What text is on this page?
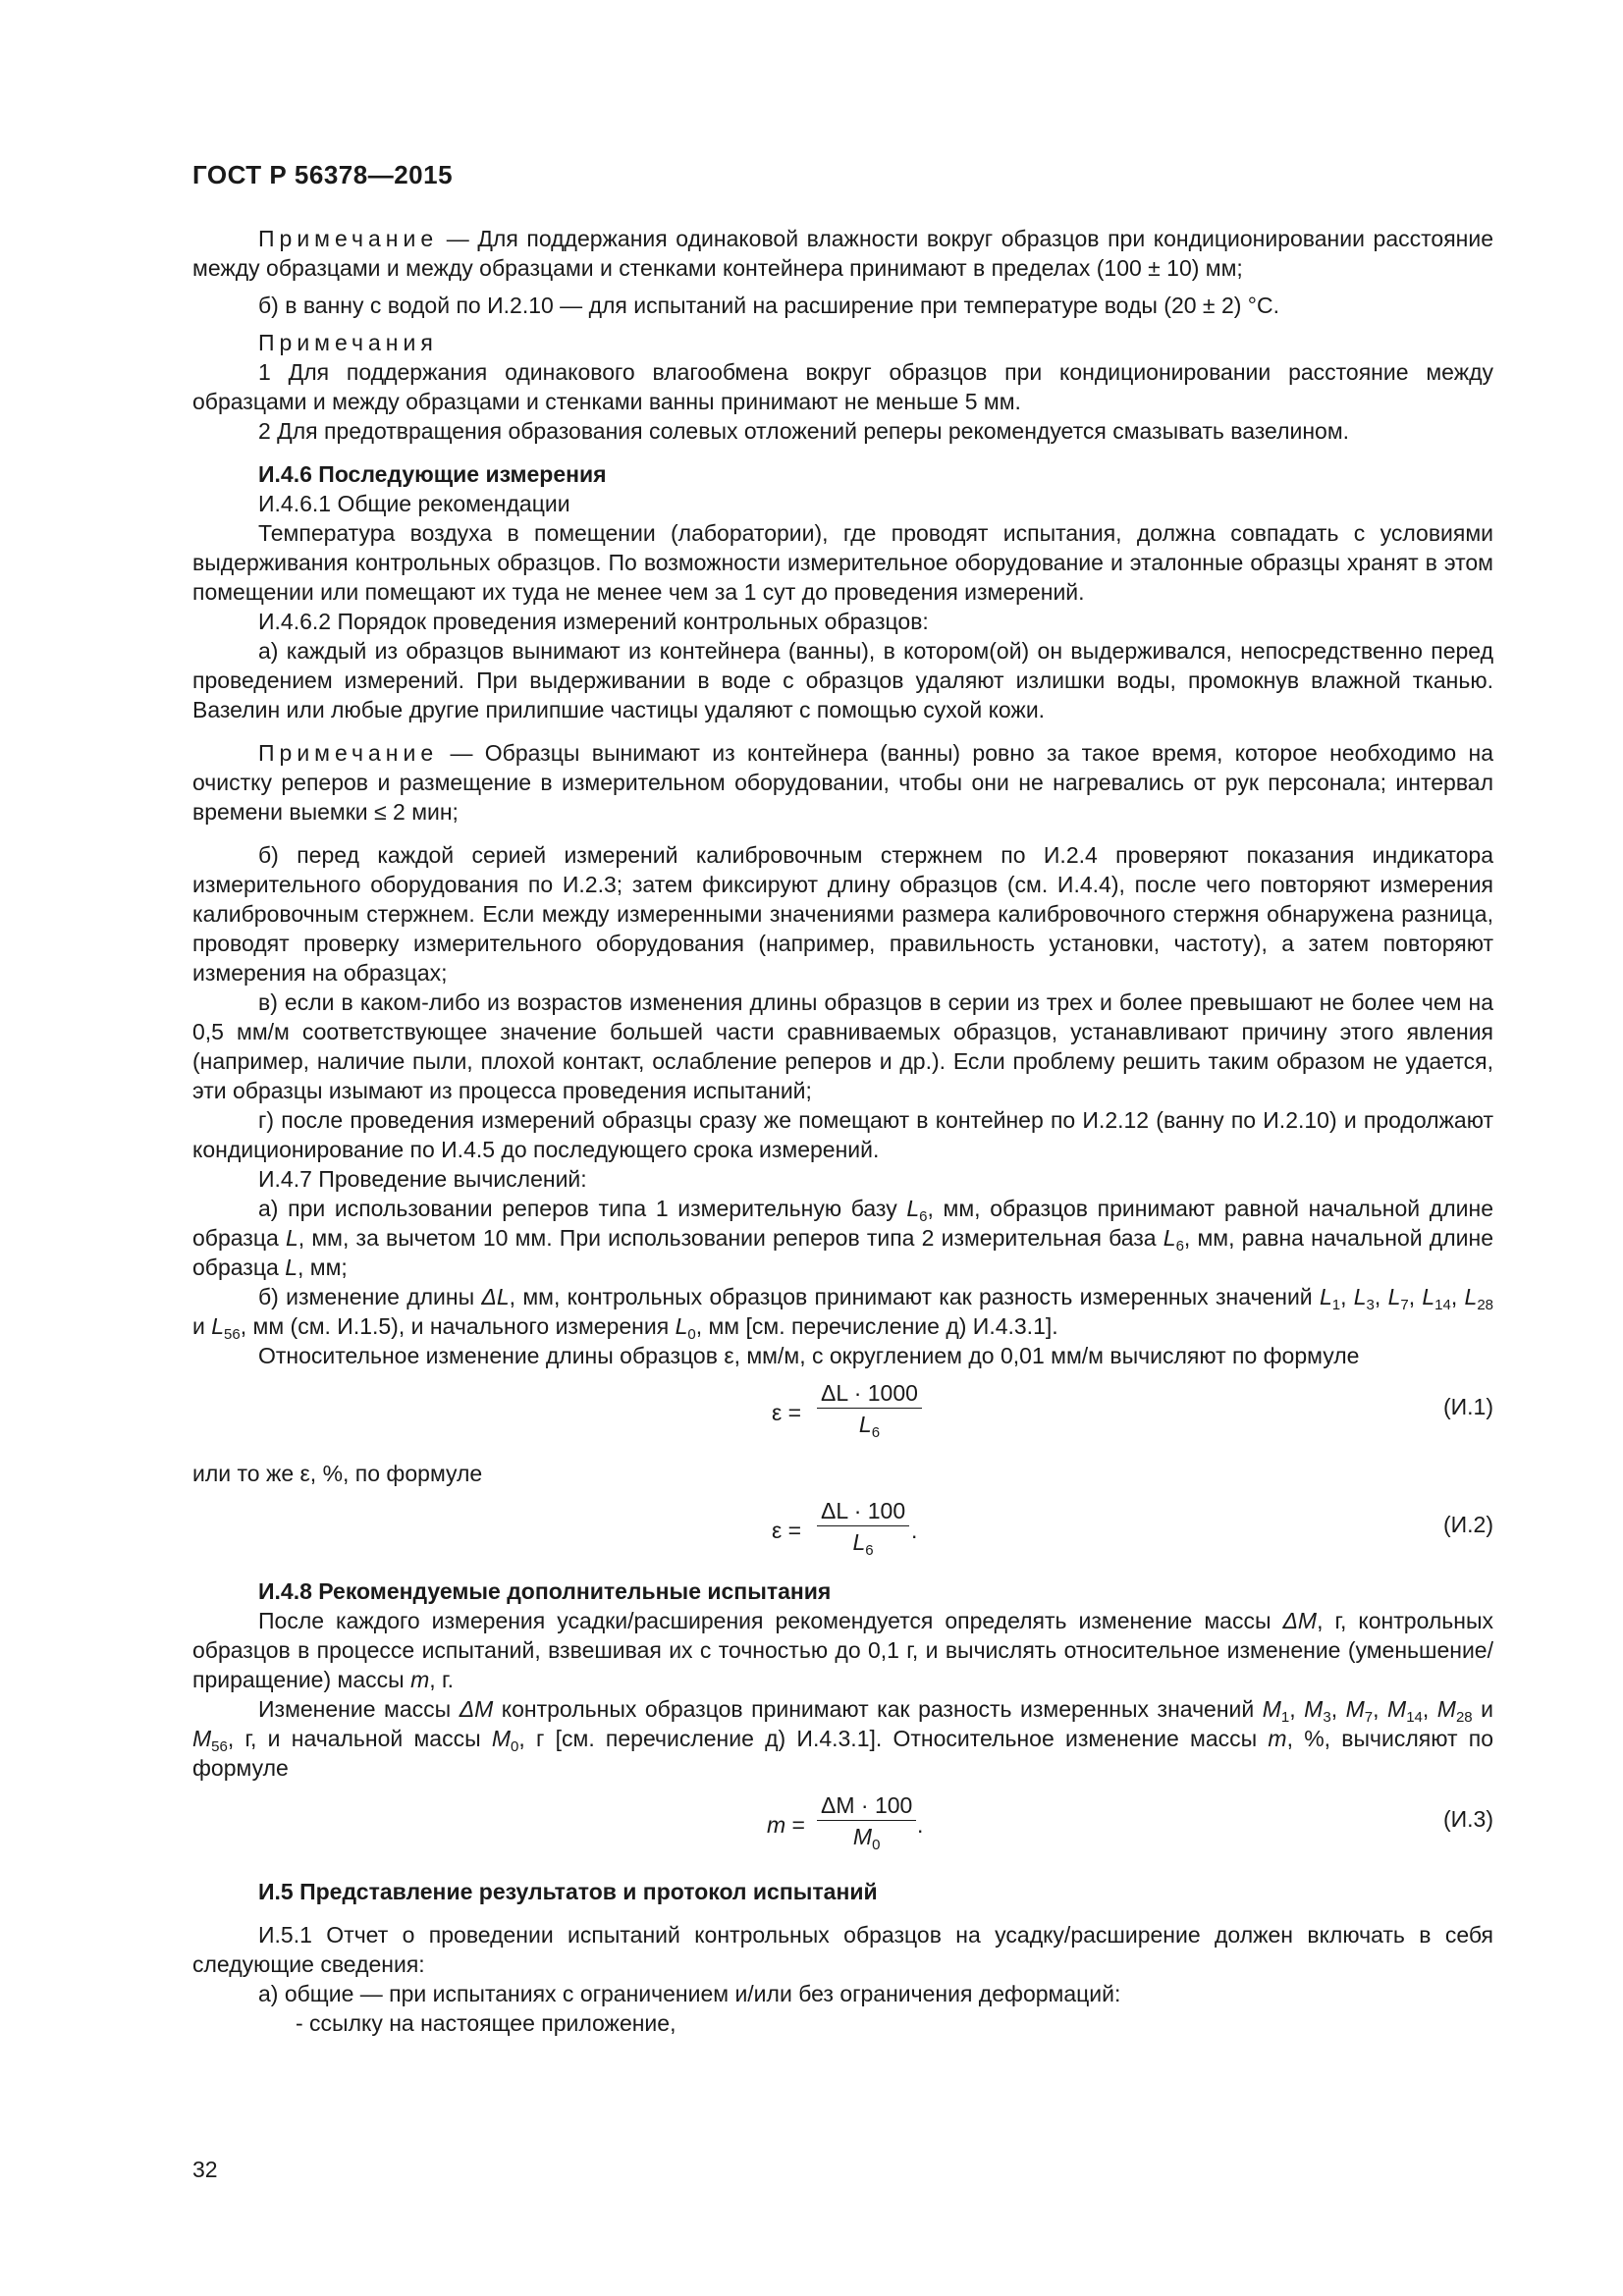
ГОСТ Р 56378—2015

Примечание — Для поддержания одинаковой влажности вокруг образцов при кондиционировании расстояние между образцами и между образцами и стенками контейнера принимают в пределах (100 ± 10) мм;

б) в ванну с водой по И.2.10 — для испытаний на расширение при температуре воды (20 ± 2) °С.

Примечания

1 Для поддержания одинакового влагообмена вокруг образцов при кондиционировании расстояние между образцами и между образцами и стенками ванны принимают не меньше 5 мм.

2 Для предотвращения образования солевых отложений реперы рекомендуется смазывать вазелином.

И.4.6 Последующие измерения

И.4.6.1 Общие рекомендации

Температура воздуха в помещении (лаборатории), где проводят испытания, должна совпадать с условиями выдерживания контрольных образцов. По возможности измерительное оборудование и эталонные образцы хранят в этом помещении или помещают их туда не менее чем за 1 сут до проведения измерений.

И.4.6.2 Порядок проведения измерений контрольных образцов:

а) каждый из образцов вынимают из контейнера (ванны), в котором(ой) он выдерживался, непосредственно перед проведением измерений. При выдерживании в воде с образцов удаляют излишки воды, промокнув влажной тканью. Вазелин или любые другие прилипшие частицы удаляют с помощью сухой кожи.

Примечание — Образцы вынимают из контейнера (ванны) ровно за такое время, которое необходимо на очистку реперов и размещение в измерительном оборудовании, чтобы они не нагревались от рук персонала; интервал времени выемки ≤ 2 мин;

б) перед каждой серией измерений калибровочным стержнем по И.2.4 проверяют показания индикатора измерительного оборудования по И.2.3; затем фиксируют длину образцов (см. И.4.4), после чего повторяют измерения калибровочным стержнем. Если между измеренными значениями размера калибровочного стержня обнаружена разница, проводят проверку измерительного оборудования (например, правильность установки, частоту), а затем повторяют измерения на образцах;

в) если в каком-либо из возрастов изменения длины образцов в серии из трех и более превышают не более чем на 0,5 мм/м соответствующее значение большей части сравниваемых образцов, устанавливают причину этого явления (например, наличие пыли, плохой контакт, ослабление реперов и др.). Если проблему решить таким образом не удается, эти образцы изымают из процесса проведения испытаний;

г) после проведения измерений образцы сразу же помещают в контейнер по И.2.12 (ванну по И.2.10) и продолжают кондиционирование по И.4.5 до последующего срока измерений.

И.4.7 Проведение вычислений:

а) при использовании реперов типа 1 измерительную базу $L_6$, мм, образцов принимают равной начальной длине образца L, мм, за вычетом 10 мм. При использовании реперов типа 2 измерительная база $L_6$, мм, равна начальной длине образца L, мм;

б) изменение длины ΔL, мм, контрольных образцов принимают как разность измеренных значений $L_1$, $L_3$, $L_7$, $L_{14}$, $L_{28}$ и $L_{56}$, мм (см. И.1.5), и начального измерения $L_0$, мм [см. перечисление д) И.4.3.1].

Относительное изменение длины образцов ε, мм/м, с округлением до 0,01 мм/м вычисляют по формуле

$\varepsilon = \frac{\Delta L \cdot 1000}{L_6}$	(И.1)

или то же ε, %, по формуле

$\varepsilon = \frac{\Delta L \cdot 100}{L_6}$ .	(И.2)

И.4.8 Рекомендуемые дополнительные испытания

После каждого измерения усадки/расширения рекомендуется определять изменение массы ΔM, г, контрольных образцов в процессе испытаний, взвешивая их с точностью до 0,1 г, и вычислять относительное изменение (уменьшение/приращение) массы m, г.

Изменение массы ΔM контрольных образцов принимают как разность измеренных значений $M_1$, $M_3$, $M_7$, $M_{14}$, $M_{28}$ и $M_{56}$, г, и начальной массы $M_0$, г [см. перечисление д) И.4.3.1]. Относительное изменение массы m, %, вычисляют по формуле

$m = \frac{\Delta M \cdot 100}{M_0}$ .	(И.3)

И.5 Представление результатов и протокол испытаний

И.5.1 Отчет о проведении испытаний контрольных образцов на усадку/расширение должен включать в себя следующие сведения:

а) общие — при испытаниях с ограничением и/или без ограничения деформаций:

- ссылку на настоящее приложение,

32
